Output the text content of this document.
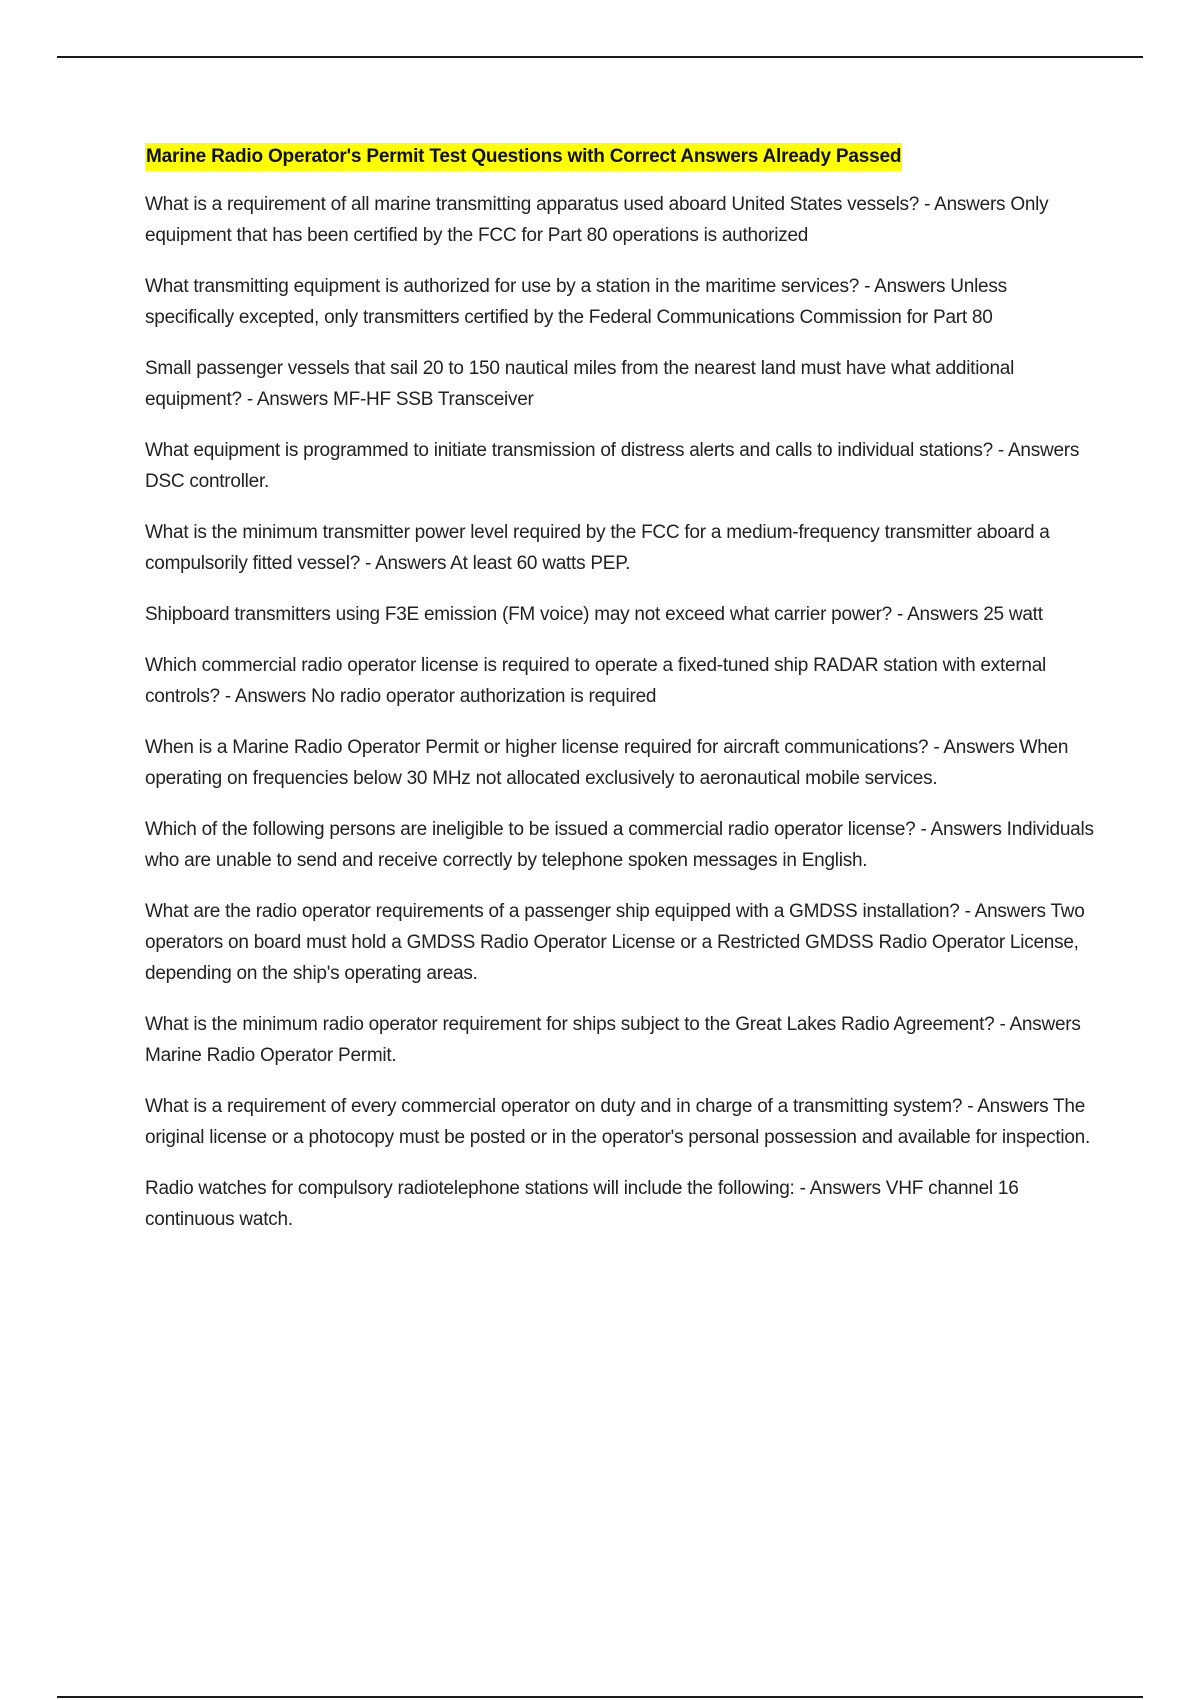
Marine Radio Operator's Permit Test Questions with Correct Answers Already Passed
What is a requirement of all marine transmitting apparatus used aboard United States vessels? - Answers Only equipment that has been certified by the FCC for Part 80 operations is authorized
What transmitting equipment is authorized for use by a station in the maritime services? - Answers Unless specifically excepted, only transmitters certified by the Federal Communications Commission for Part 80
Small passenger vessels that sail 20 to 150 nautical miles from the nearest land must have what additional equipment? - Answers MF-HF SSB Transceiver
What equipment is programmed to initiate transmission of distress alerts and calls to individual stations? - Answers DSC controller.
What is the minimum transmitter power level required by the FCC for a medium-frequency transmitter aboard a compulsorily fitted vessel? - Answers At least 60 watts PEP.
Shipboard transmitters using F3E emission (FM voice) may not exceed what carrier power? - Answers 25 watt
Which commercial radio operator license is required to operate a fixed-tuned ship RADAR station with external controls? - Answers No radio operator authorization is required
When is a Marine Radio Operator Permit or higher license required for aircraft communications? - Answers When operating on frequencies below 30 MHz not allocated exclusively to aeronautical mobile services.
Which of the following persons are ineligible to be issued a commercial radio operator license? - Answers Individuals who are unable to send and receive correctly by telephone spoken messages in English.
What are the radio operator requirements of a passenger ship equipped with a GMDSS installation? - Answers Two operators on board must hold a GMDSS Radio Operator License or a Restricted GMDSS Radio Operator License, depending on the ship's operating areas.
What is the minimum radio operator requirement for ships subject to the Great Lakes Radio Agreement? - Answers Marine Radio Operator Permit.
What is a requirement of every commercial operator on duty and in charge of a transmitting system? - Answers The original license or a photocopy must be posted or in the operator's personal possession and available for inspection.
Radio watches for compulsory radiotelephone stations will include the following: - Answers VHF channel 16 continuous watch.
